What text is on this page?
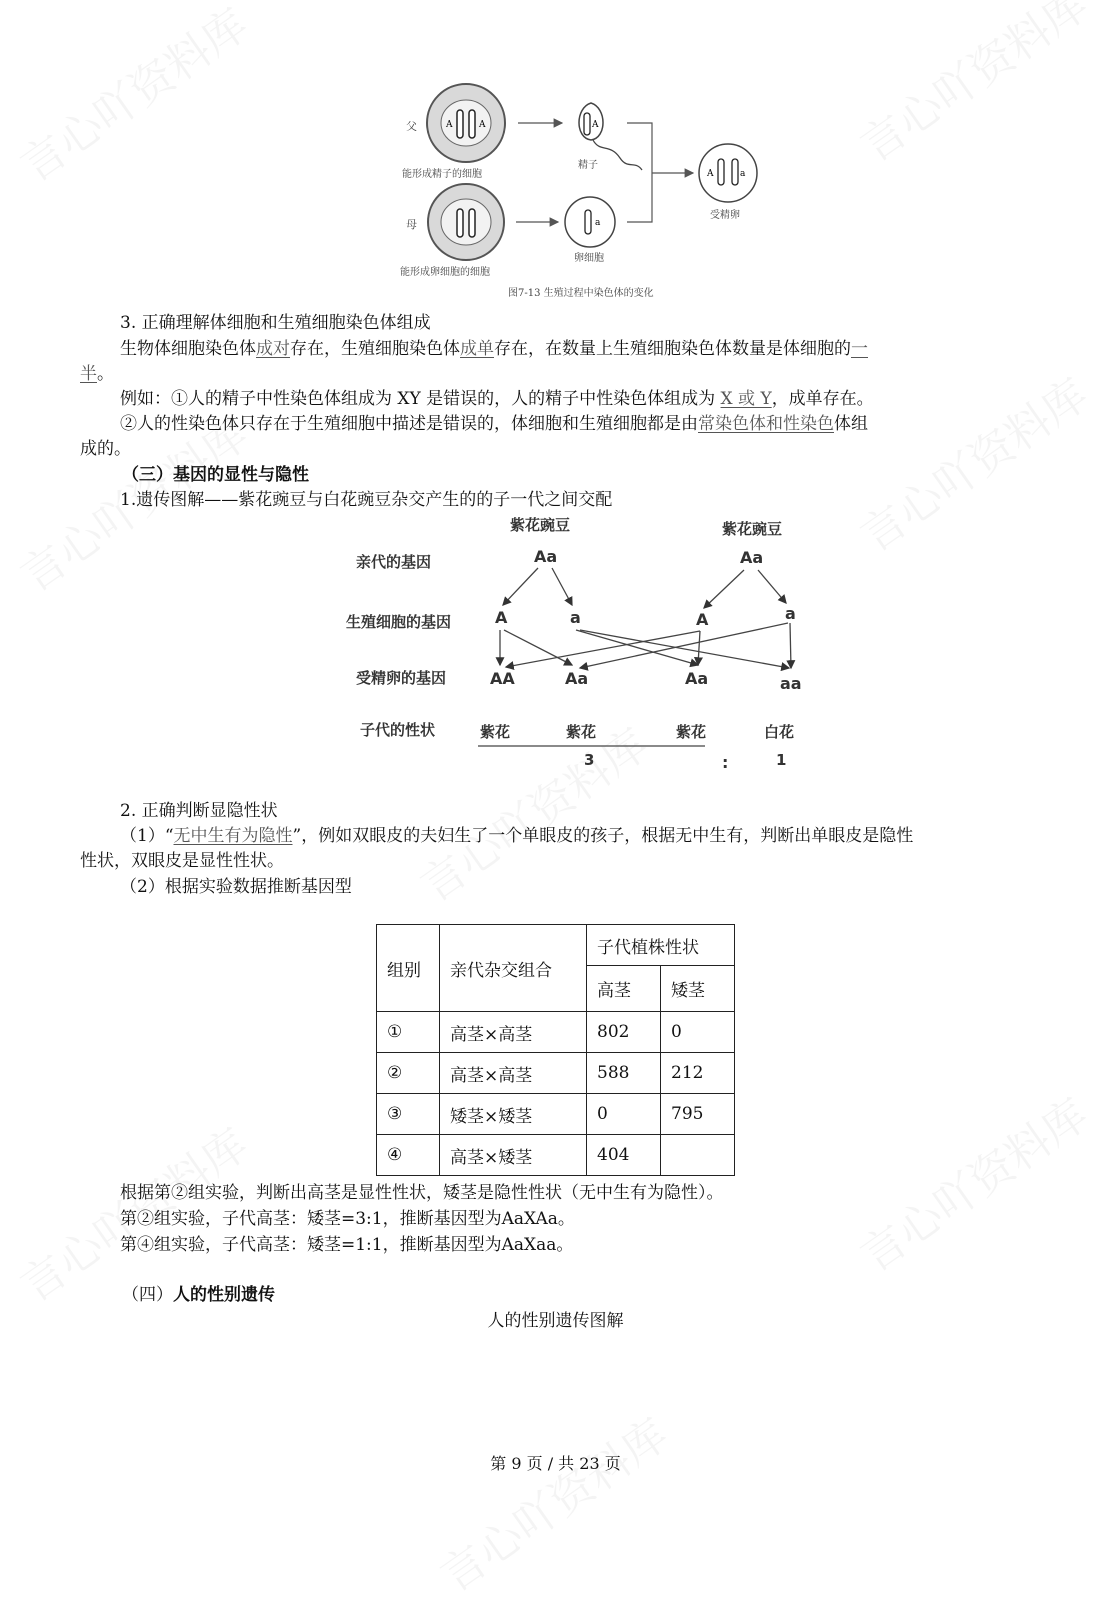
父	A	A
能形成精子的细胞
A
精子
母
能形成卵细胞的细胞
a
卵细胞
图7-13 生殖过程中染色体的变化
A	a
受精卵
3. 正确理解体细胞和生殖细胞染色体组成
生物体细胞染色体成对存在，生殖细胞染色体成单存在，在数量上生殖细胞染色体数量是体细胞的一
半。
例如：①人的精子中性染色体组成为 XY 是错误的，人的精子中性染色体组成为 X 或 Y，成单存在。
②人的性染色体只存在于生殖细胞中描述是错误的，体细胞和生殖细胞都是由常染色体和性染色体组
成的。
（三）基因的显性与隐性
1.遗传图解——紫花豌豆与白花豌豆杂交产生的的子一代之间交配
紫花豌豆	紫花豌豆
亲代的基因
生殖细胞的基因
受精卵的基因
子代的性状
Aa	Aa
A	a	A	a
AA	Aa	Aa	aa
紫花	紫花	紫花	白花
3	:	1
2. 正确判断显隐性状
（1）“无中生有为隐性”，例如双眼皮的夫妇生了一个单眼皮的孩子，根据无中生有，判断出单眼皮是隐性
性状，双眼皮是显性性状。
（2）根据实验数据推断基因型
组别	亲代杂交组合	子代植株性状	
		高茎	矮茎
①	高茎×高茎	802	0
②	高茎×高茎	588	212
③	矮茎×矮茎	0	795
④	高茎×矮茎	404	
根据第②组实验，判断出高茎是显性性状，矮茎是隐性性状（无中生有为隐性）。
第②组实验，子代高茎：矮茎=3:1，推断基因型为AaXAa。
第④组实验，子代高茎：矮茎=1:1，推断基因型为AaXaa。
（四）人的性别遗传
人的性别遗传图解
第 9 页 / 共 23 页
